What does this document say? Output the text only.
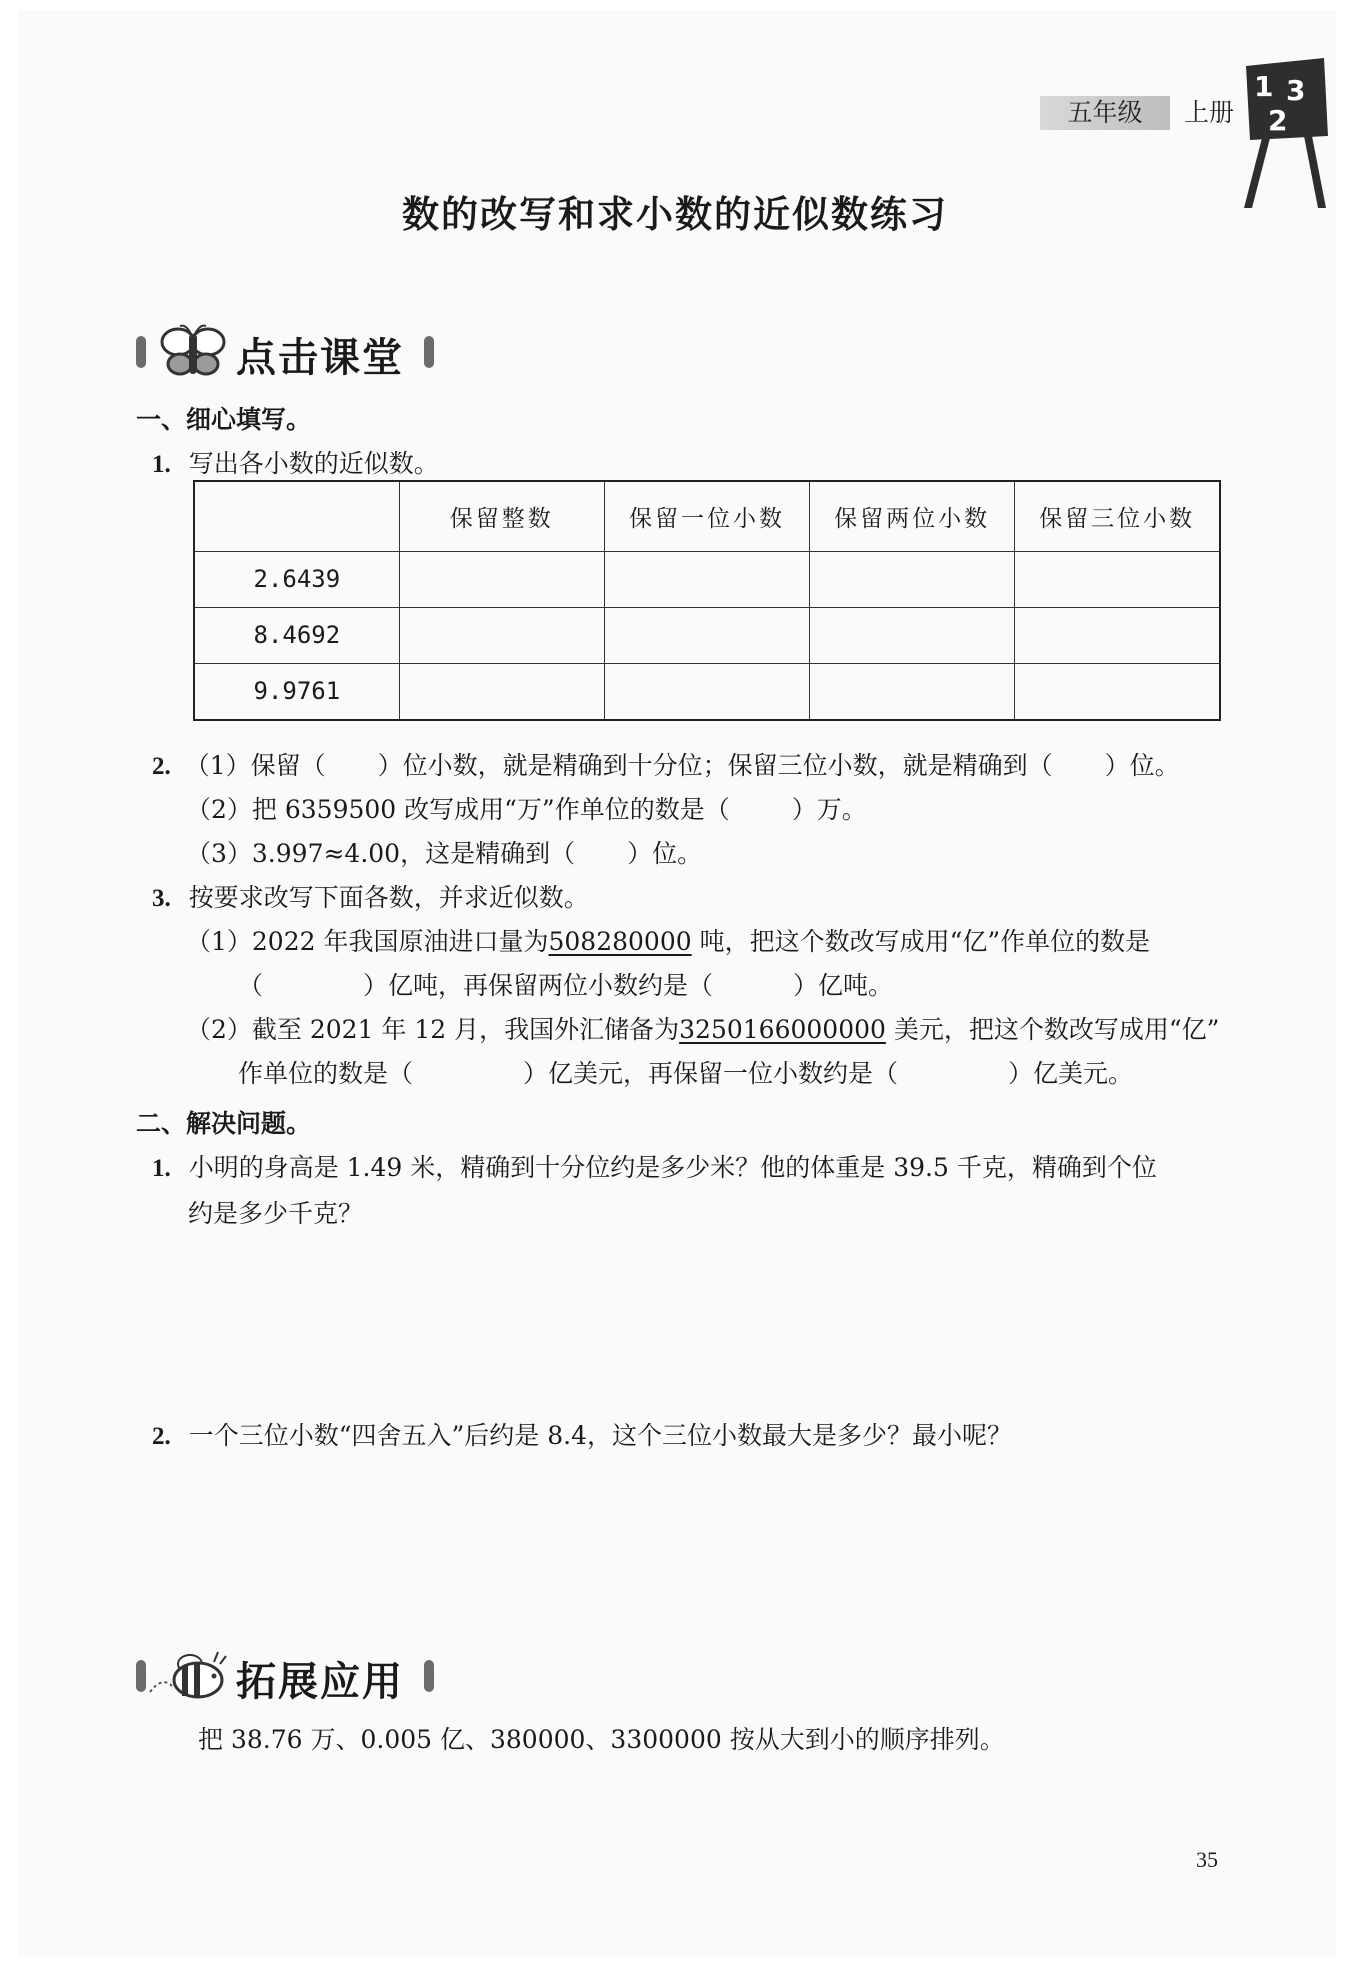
五年级	上册
1 3
2
数的改写和求小数的近似数练习
点击课堂
一、细心填写。
1. 写出各小数的近似数。
	保留整数	保留一位小数	保留两位小数	保留三位小数
2.6439				
8.4692				
9.9761				
2. （1）保留（ ）位小数，就是精确到十分位；保留三位小数，就是精确到（ ）位。
（2）把 6359500 改写成用“万”作单位的数是（ ）万。
（3）3.997≈4.00，这是精确到（ ）位。
3. 按要求改写下面各数，并求近似数。
（1）2022 年我国原油进口量为508280000 吨，把这个数改写成用“亿”作单位的数是
（	）亿吨，再保留两位小数约是（	）亿吨。
（2）截至 2021 年 12 月，我国外汇储备为3250166000000 美元，把这个数改写成用“亿”
作单位的数是（	）亿美元，再保留一位小数约是（	）亿美元。
二、解决问题。
1. 小明的身高是 1.49 米，精确到十分位约是多少米？他的体重是 39.5 千克，精确到个位
约是多少千克？
2. 一个三位小数“四舍五入”后约是 8.4，这个三位小数最大是多少？最小呢？
拓展应用
把 38.76 万、0.005 亿、380000、3300000 按从大到小的顺序排列。
35
